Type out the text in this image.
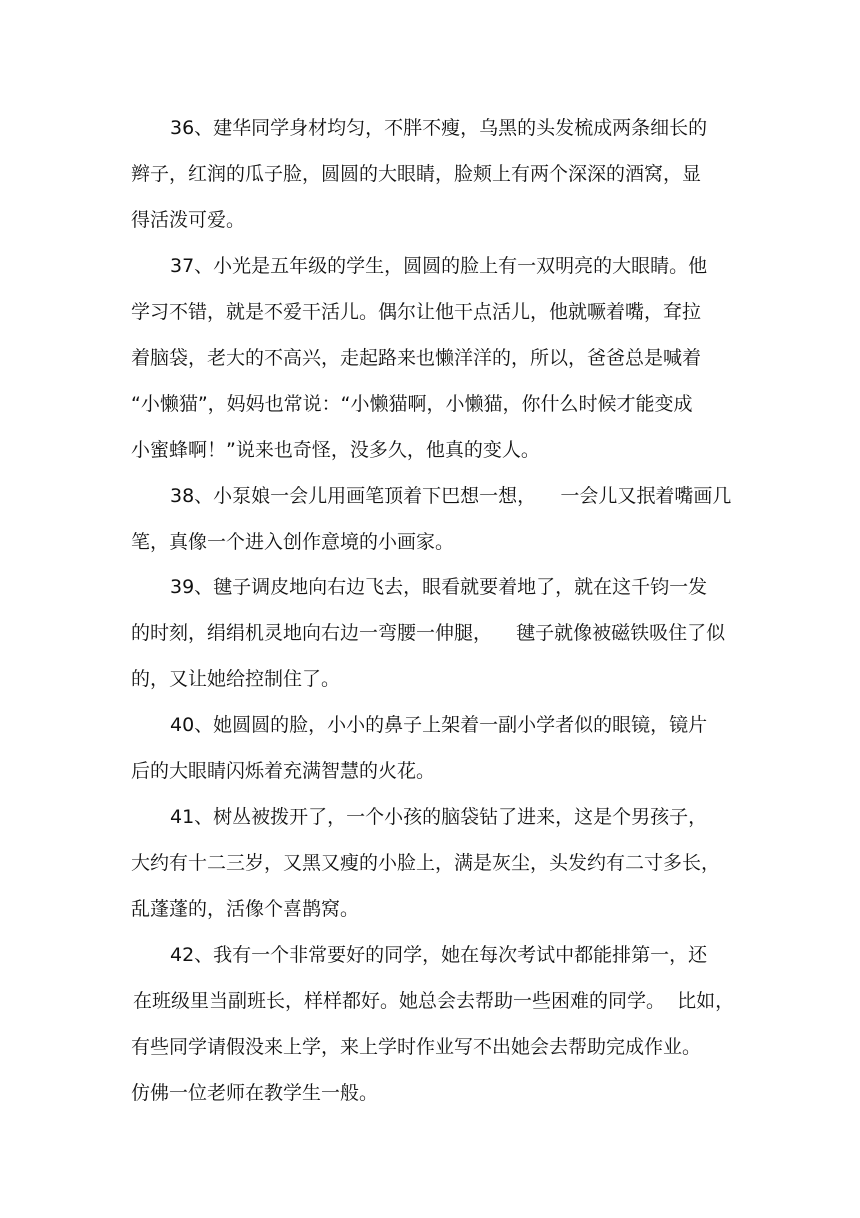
36、建华同学身材均匀，不胖不瘦，乌黑的头发梳成两条细长的
辫子，红润的瓜子脸，圆圆的大眼睛，脸颊上有两个深深的酒窝，显
得活泼可爱。
37、小光是五年级的学生，圆圆的脸上有一双明亮的大眼睛。他
学习不错，就是不爱干活儿。偶尔让他干点活儿，他就噘着嘴，耷拉
着脑袋，老大的不高兴，走起路来也懒洋洋的，所以，爸爸总是喊着
“小懒猫”，妈妈也常说：“小懒猫啊，小懒猫，你什么时候才能变成
小蜜蜂啊！”说来也奇怪，没多久，他真的变人。
38、小泵娘一会儿用画笔顶着下巴想一想，    一会儿又抿着嘴画几
笔，真像一个进入创作意境的小画家。
39、毽子调皮地向右边飞去，眼看就要着地了，就在这千钧一发
的时刻，绢绢机灵地向右边一弯腰一伸腿，    毽子就像被磁铁吸住了似
的，又让她给控制住了。
40、她圆圆的脸，小小的鼻子上架着一副小学者似的眼镜，镜片
后的大眼睛闪烁着充满智慧的火花。
41、树丛被拨开了，一个小孩的脑袋钻了进来，这是个男孩子，
大约有十二三岁，又黑又瘦的小脸上，满是灰尘，头发约有二寸多长，
乱蓬蓬的，活像个喜鹊窝。
42、我有一个非常要好的同学，她在每次考试中都能排第一，还
在班级里当副班长，样样都好。她总会去帮助一些困难的同学。  比如，
有些同学请假没来上学，来上学时作业写不出她会去帮助完成作业。
仿佛一位老师在教学生一般。
